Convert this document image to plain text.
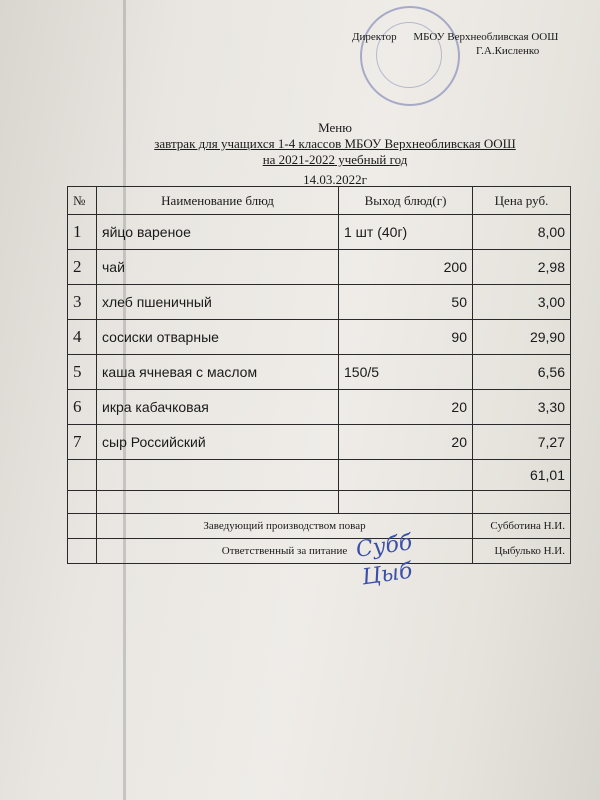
Директор МБОУ Верхнеобливская ООШ
Г.А.Кисленко
Меню
завтрак для учащихся 1-4 классов МБОУ Верхнеобливская ООШ
на 2021-2022 учебный год
14.03.2022г
№	Наименование блюд	Выход блюд(г)	Цена руб.
1	яйцо вареное	1 шт (40г)	8,00
2	чай	200	2,98
3	хлеб пшеничный	50	3,00
4	сосиски отварные	90	29,90
5	каша ячневая с маслом	150/5	6,56
6	икра кабачковая	20	3,30
7	сыр Российский	20	7,27
			61,01

	Заведующий производством повар		Субботина Н.И.
	Ответственный за питание		Цыбулько Н.И.
Субб
Цыб
